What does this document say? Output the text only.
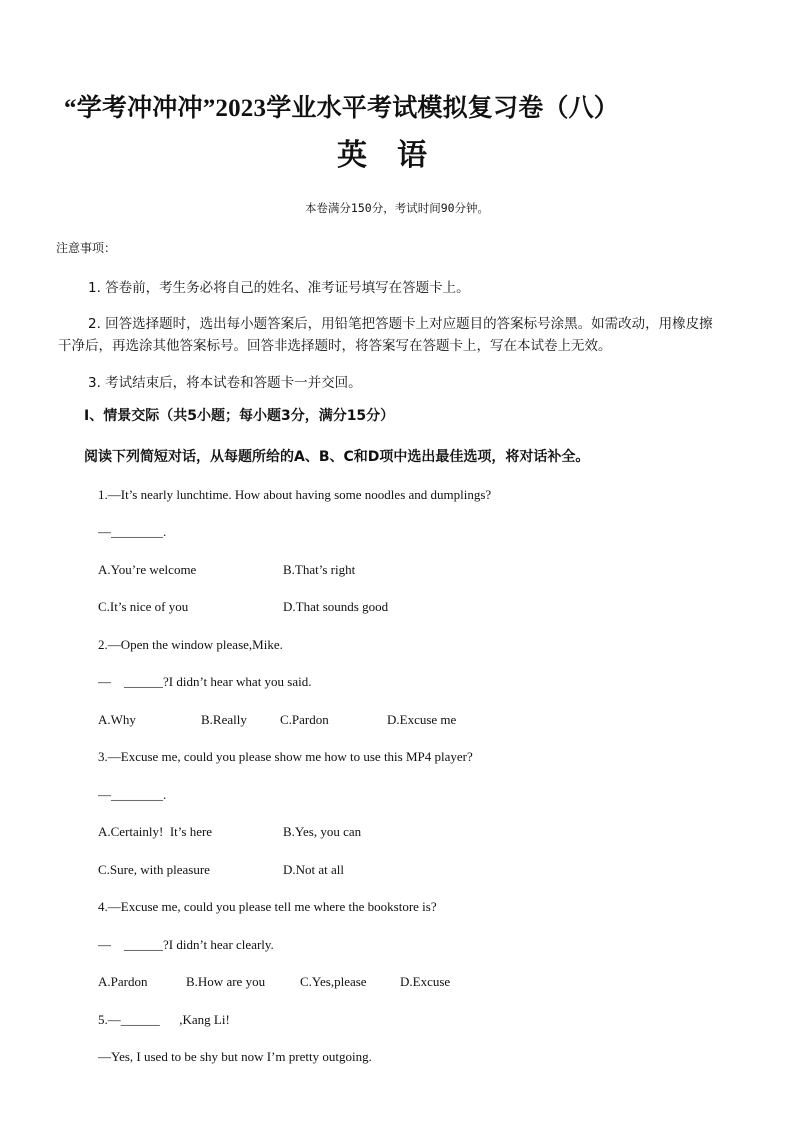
“学考冲冲冲”2023学业水平考试模拟复习卷（八）
英语
本卷满分150分，考试时间90分钟。
注意事项：
1. 答卷前，考生务必将自己的姓名、准考证号填写在答题卡上。
2. 回答选择题时，选出每小题答案后，用铅笔把答题卡上对应题目的答案标号涂黑。如需改动，用橡皮擦
干净后，再选涂其他答案标号。回答非选择题时，将答案写在答题卡上，写在本试卷上无效。
3. 考试结束后，将本试卷和答题卡一并交回。
I、情景交际（共5小题；每小题3分，满分15分）
阅读下列简短对话，从每题所给的A、B、C和D项中选出最佳选项，将对话补全。
1.—It’s nearly lunchtime. How about having some noodles and dumplings?
—________.
A.You’re welcome	B.That’s right
C.It’s nice of you	D.That sounds good
2.—Open the window please,Mike.
—    ______?I didn’t hear what you said.
A.Why	B.Really	C.Pardon	D.Excuse me
3.—Excuse me, could you please show me how to use this MP4 player?
—________.
A.Certainly!  It’s here	B.Yes, you can
C.Sure, with pleasure	D.Not at all
4.—Excuse me, could you please tell me where the bookstore is?
—    ______?I didn’t hear clearly.
A.Pardon	B.How are you	C.Yes,please	D.Excuse
5.—______      ,Kang Li!
—Yes, I used to be shy but now I’m pretty outgoing.
